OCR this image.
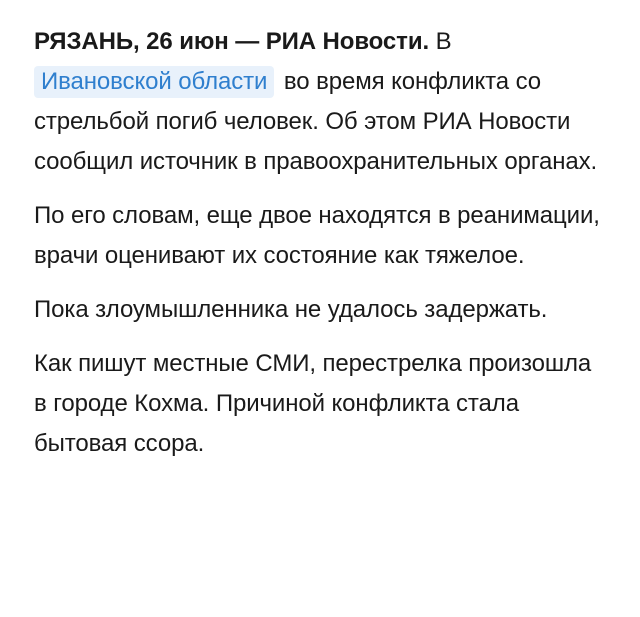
РЯЗАНЬ, 26 июн — РИА Новости. В Ивановской области во время конфликта со стрельбой погиб человек. Об этом РИА Новости сообщил источник в правоохранительных органах.

По его словам, еще двое находятся в реанимации, врачи оценивают их состояние как тяжелое.

Пока злоумышленника не удалось задержать.

Как пишут местные СМИ, перестрелка произошла в городе Кохма. Причиной конфликта стала бытовая ссора.
